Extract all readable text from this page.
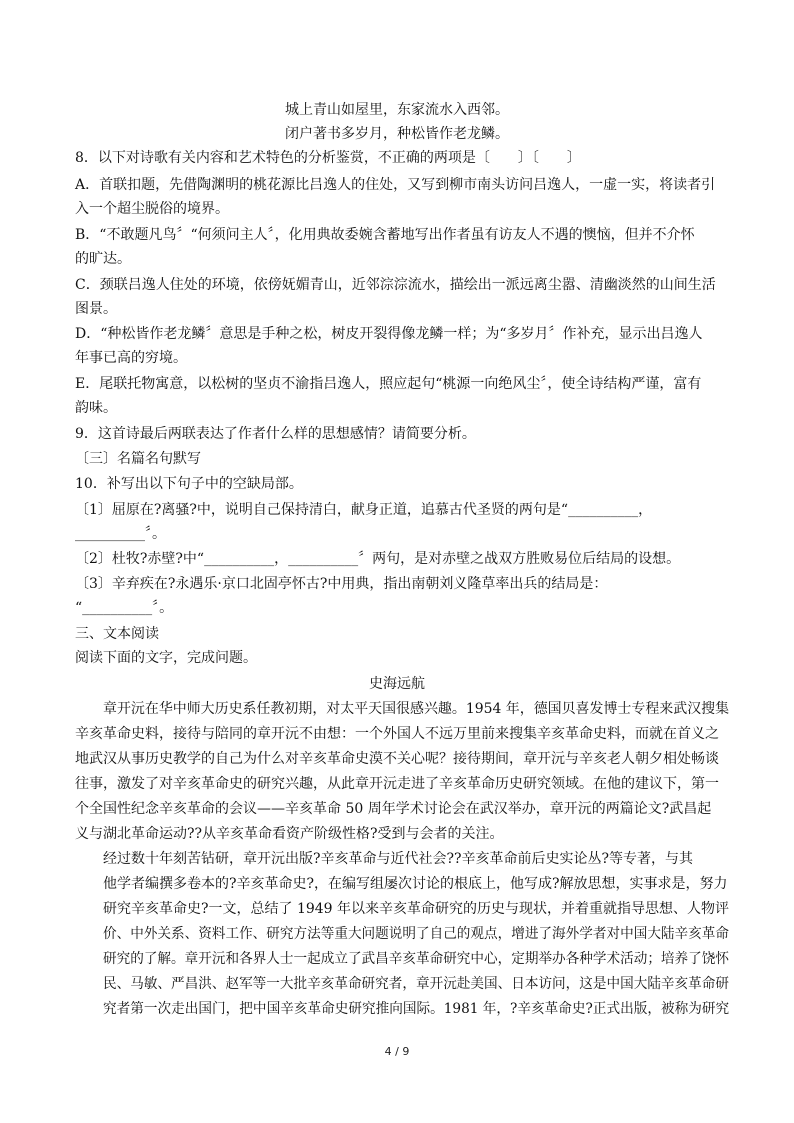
城上青山如屋里，东家流水入西邻。
闭户著书多岁月，种松皆作老龙鳞。
8．以下对诗歌有关内容和艺术特色的分析鉴赏，不正确的两项是〔　　〕〔　　〕
A．首联扣题，先借陶渊明的桃花源比吕逸人的住处，又写到柳市南头访问吕逸人，一虚一实，将读者引
入一个超尘脱俗的境界。
B．“不敢题凡鸟〞“何须问主人〞，化用典故委婉含蓄地写出作者虽有访友人不遇的懊恼，但并不介怀
的旷达。
C．颈联吕逸人住处的环境，依傍妩媚青山，近邻淙淙流水，描绘出一派远离尘嚣、清幽淡然的山间生活
图景。
D．“种松皆作老龙鳞〞意思是手种之松，树皮开裂得像龙鳞一样；为“多岁月〞作补充，显示出吕逸人
年事已高的穷境。
E．尾联托物寓意，以松树的坚贞不渝指吕逸人，照应起句“桃源一向绝风尘〞，使全诗结构严谨，富有
韵味。
9．这首诗最后两联表达了作者什么样的思想感情？请简要分析。
〔三〕名篇名句默写
10．补写出以下句子中的空缺局部。
〔1〕屈原在?离骚?中，说明自己保持清白，献身正道，追慕古代圣贤的两句是“__________，
__________〞。
〔2〕杜牧?赤壁?中“__________，__________〞两句，是对赤壁之战双方胜败易位后结局的设想。
〔3〕辛弃疾在?永遇乐·京口北固亭怀古?中用典，指出南朝刘义隆草率出兵的结局是：
“__________〞。
三、文本阅读
阅读下面的文字，完成问题。
史海远航
章开沅在华中师大历史系任教初期，对太平天国很感兴趣。1954 年，德国贝喜发博士专程来武汉搜集
辛亥革命史料，接待与陪同的章开沅不由想：一个外国人不远万里前来搜集辛亥革命史料，而就在首义之
地武汉从事历史教学的自己为什么对辛亥革命史漠不关心呢？接待期间，章开沅与辛亥老人朝夕相处畅谈
往事，激发了对辛亥革命史的研究兴趣，从此章开沅走进了辛亥革命历史研究领域。在他的建议下，第一
个全国性纪念辛亥革命的会议——辛亥革命 50 周年学术讨论会在武汉举办，章开沅的两篇论文?武昌起
义与湖北革命运动??从辛亥革命看资产阶级性格?受到与会者的关注。
经过数十年刻苦钻研，章开沅出版?辛亥革命与近代社会??辛亥革命前后史实论丛?等专著，与其
他学者编撰多卷本的?辛亥革命史?，在编写组屡次讨论的根底上，他写成?解放思想，实事求是，努力
研究辛亥革命史?一文，总结了 1949 年以来辛亥革命研究的历史与现状，并着重就指导思想、人物评
价、中外关系、资料工作、研究方法等重大问题说明了自己的观点，增进了海外学者对中国大陆辛亥革命
研究的了解。章开沅和各界人士一起成立了武昌辛亥革命研究中心，定期举办各种学术活动；培养了饶怀
民、马敏、严昌洪、赵军等一大批辛亥革命研究者，章开沅赴美国、日本访问，这是中国大陆辛亥革命研
究者第一次走出国门，把中国辛亥革命史研究推向国际。1981 年，?辛亥革命史?正式出版，被称为研究
4 / 9
